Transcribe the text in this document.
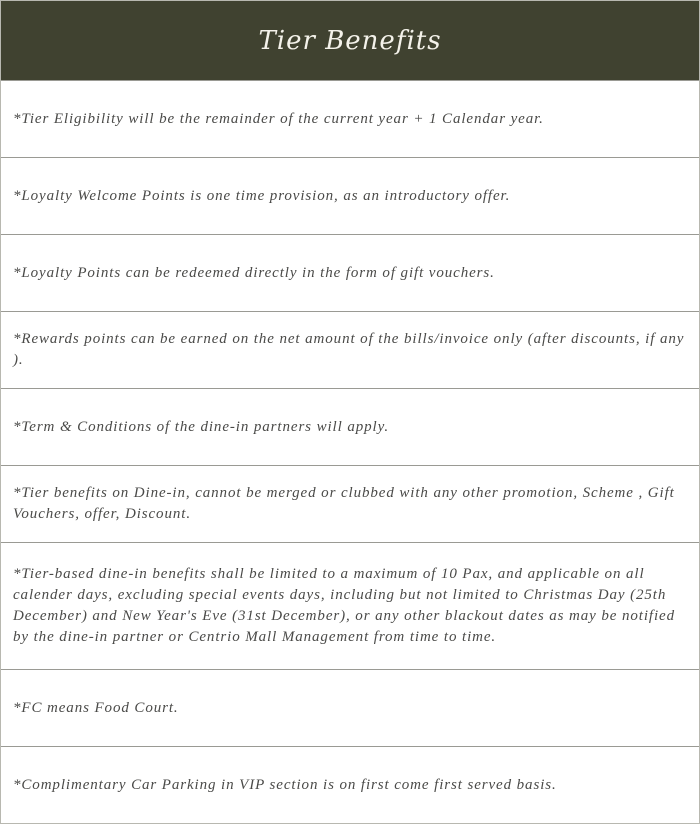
Tier Benefits
*Tier Eligibility will be the remainder of the current year + 1 Calendar year.
*Loyalty Welcome Points is one time provision, as an introductory offer.
*Loyalty Points can be redeemed directly in the form of gift vouchers.
*Rewards points can be earned on the net amount of the bills/invoice only (after discounts, if any ).
*Term & Conditions of the dine-in partners will apply.
*Tier benefits on Dine-in, cannot be merged or clubbed with any other promotion, Scheme , Gift Vouchers, offer, Discount.
*Tier-based dine-in benefits shall be limited to a maximum of 10 Pax, and applicable on all calender days, excluding special events days, including but not limited to Christmas Day (25th December) and New Year's Eve (31st December), or any other blackout dates as may be notified by the dine-in partner or Centrio Mall Management from time to time.
*FC means Food Court.
*Complimentary Car Parking in VIP section is on first come first served basis.
